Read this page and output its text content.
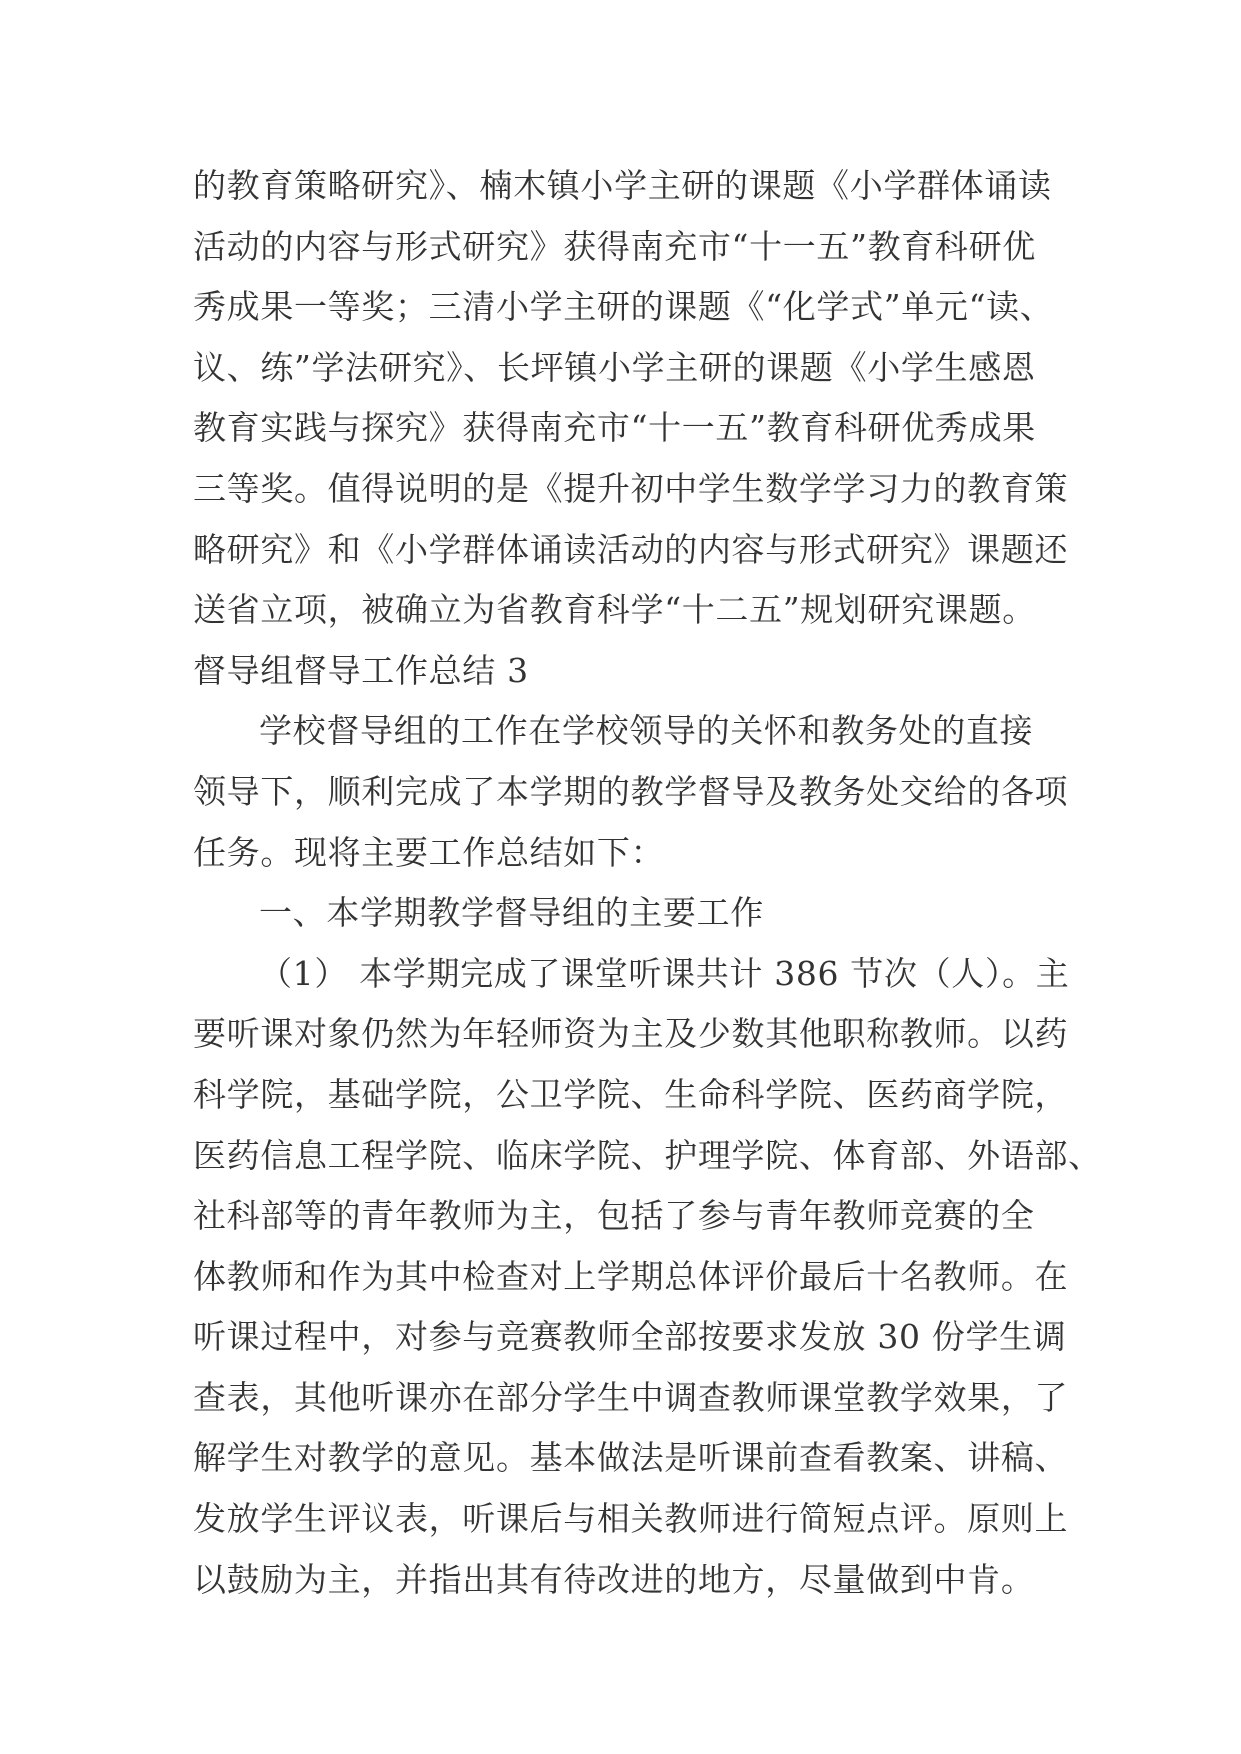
的教育策略研究》、楠木镇小学主研的课题《小学群体诵读
活动的内容与形式研究》获得南充市“十一五”教育科研优
秀成果一等奖；三清小学主研的课题《“化学式”单元“读、
议、练”学法研究》、长坪镇小学主研的课题《小学生感恩
教育实践与探究》获得南充市“十一五”教育科研优秀成果
三等奖。值得说明的是《提升初中学生数学学习力的教育策
略研究》和《小学群体诵读活动的内容与形式研究》课题还
送省立项，被确立为省教育科学“十二五”规划研究课题。
督导组督导工作总结 3
学校督导组的工作在学校领导的关怀和教务处的直接
领导下，顺利完成了本学期的教学督导及教务处交给的各项
任务。现将主要工作总结如下：
一、本学期教学督导组的主要工作
（1） 本学期完成了课堂听课共计 386 节次（人）。主
要听课对象仍然为年轻师资为主及少数其他职称教师。以药
科学院，基础学院，公卫学院、生命科学院、医药商学院，
医药信息工程学院、临床学院、护理学院、体育部、外语部、
社科部等的青年教师为主，包括了参与青年教师竞赛的全
体教师和作为其中检查对上学期总体评价最后十名教师。在
听课过程中，对参与竞赛教师全部按要求发放 30 份学生调
查表，其他听课亦在部分学生中调查教师课堂教学效果，了
解学生对教学的意见。基本做法是听课前查看教案、讲稿、
发放学生评议表，听课后与相关教师进行简短点评。原则上
以鼓励为主，并指出其有待改进的地方，尽量做到中肯。
